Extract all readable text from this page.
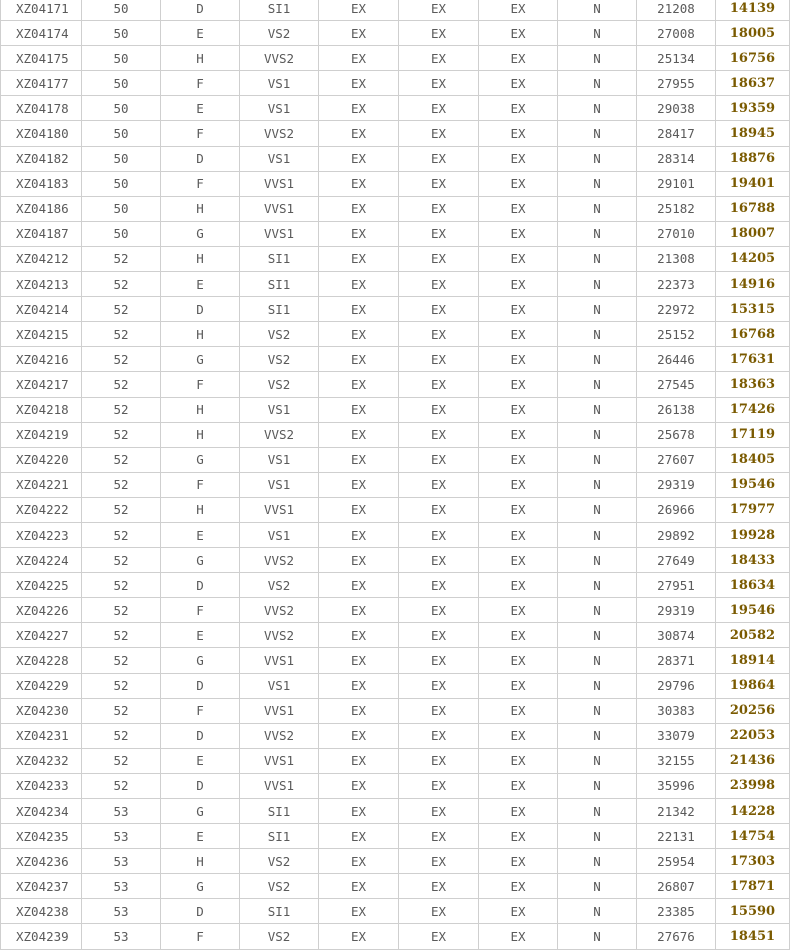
XZ04171	50	D	SI1	EX	EX	EX	N	21208	14139
XZ04174	50	E	VS2	EX	EX	EX	N	27008	18005
XZ04175	50	H	VVS2	EX	EX	EX	N	25134	16756
XZ04177	50	F	VS1	EX	EX	EX	N	27955	18637
XZ04178	50	E	VS1	EX	EX	EX	N	29038	19359
XZ04180	50	F	VVS2	EX	EX	EX	N	28417	18945
XZ04182	50	D	VS1	EX	EX	EX	N	28314	18876
XZ04183	50	F	VVS1	EX	EX	EX	N	29101	19401
XZ04186	50	H	VVS1	EX	EX	EX	N	25182	16788
XZ04187	50	G	VVS1	EX	EX	EX	N	27010	18007
XZ04212	52	H	SI1	EX	EX	EX	N	21308	14205
XZ04213	52	E	SI1	EX	EX	EX	N	22373	14916
XZ04214	52	D	SI1	EX	EX	EX	N	22972	15315
XZ04215	52	H	VS2	EX	EX	EX	N	25152	16768
XZ04216	52	G	VS2	EX	EX	EX	N	26446	17631
XZ04217	52	F	VS2	EX	EX	EX	N	27545	18363
XZ04218	52	H	VS1	EX	EX	EX	N	26138	17426
XZ04219	52	H	VVS2	EX	EX	EX	N	25678	17119
XZ04220	52	G	VS1	EX	EX	EX	N	27607	18405
XZ04221	52	F	VS1	EX	EX	EX	N	29319	19546
XZ04222	52	H	VVS1	EX	EX	EX	N	26966	17977
XZ04223	52	E	VS1	EX	EX	EX	N	29892	19928
XZ04224	52	G	VVS2	EX	EX	EX	N	27649	18433
XZ04225	52	D	VS2	EX	EX	EX	N	27951	18634
XZ04226	52	F	VVS2	EX	EX	EX	N	29319	19546
XZ04227	52	E	VVS2	EX	EX	EX	N	30874	20582
XZ04228	52	G	VVS1	EX	EX	EX	N	28371	18914
XZ04229	52	D	VS1	EX	EX	EX	N	29796	19864
XZ04230	52	F	VVS1	EX	EX	EX	N	30383	20256
XZ04231	52	D	VVS2	EX	EX	EX	N	33079	22053
XZ04232	52	E	VVS1	EX	EX	EX	N	32155	21436
XZ04233	52	D	VVS1	EX	EX	EX	N	35996	23998
XZ04234	53	G	SI1	EX	EX	EX	N	21342	14228
XZ04235	53	E	SI1	EX	EX	EX	N	22131	14754
XZ04236	53	H	VS2	EX	EX	EX	N	25954	17303
XZ04237	53	G	VS2	EX	EX	EX	N	26807	17871
XZ04238	53	D	SI1	EX	EX	EX	N	23385	15590
XZ04239	53	F	VS2	EX	EX	EX	N	27676	18451
